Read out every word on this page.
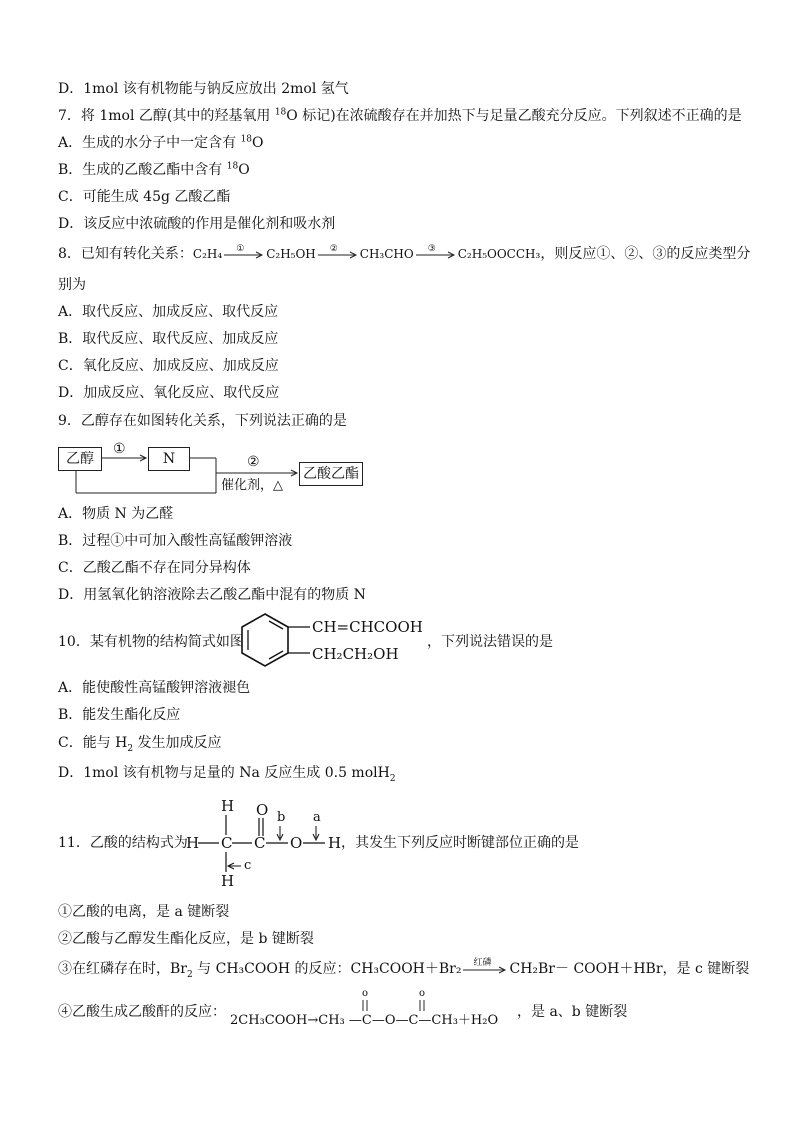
D．1mol 该有机物能与钠反应放出 2mol 氢气
7．将 1mol 乙醇(其中的羟基氧用 $^{18}$O 标记)在浓硫酸存在并加热下与足量乙酸充分反应。下列叙述不正确的是
A．生成的水分子中一定含有 $^{18}$O
B．生成的乙酸乙酯中含有 $^{18}$O
C．可能生成 45g 乙酸乙酯
D．该反应中浓硫酸的作用是催化剂和吸水剂
8．已知有转化关系：C₂H₄ ① C₂H₅OH ② CH₃CHO ③ C₂H₅OOCCH₃，则反应①、②、③的反应类型分
别为
A．取代反应、加成反应、取代反应
B．取代反应、取代反应、加成反应
C．氧化反应、加成反应、加成反应
D．加成反应、氧化反应、取代反应
9．乙醇存在如图转化关系，下列说法正确的是
乙醇	N
乙酸乙酯
①
②
催化剂，△
A．物质 N 为乙醛
B．过程①中可加入酸性高锰酸钾溶液
C．乙酸乙酯不存在同分异构体
D．用氢氧化钠溶液除去乙酸乙酯中混有的物质 N
10．某有机物的结构简式如图
CH=CHCOOH
CH₂CH₂OH
，下列说法错误的是
A．能使酸性高锰酸钾溶液褪色
B．能发生酯化反应
C．能与 $H_2$ 发生加成反应
D．1mol 该有机物与足量的 Na 反应生成 0.5 molH$_2$
11．乙酸的结构式为
H C C O H
H
H
O b a
c
，其发生下列反应时断键部位正确的是
①乙酸的电离，是 a 键断裂
②乙酸与乙醇发生酯化反应，是 b 键断裂
③在红磷存在时，$Br_2$ 与 CH₃COOH 的反应：CH₃COOH＋Br₂ 红磷 CH₂Br－ COOH＋HBr，是 c 键断裂
④乙酸生成乙酸酐的反应：
2CH₃COOH→CH₃ —C—O—C—CH₃＋H₂O
o	o
，是 a、b 键断裂
